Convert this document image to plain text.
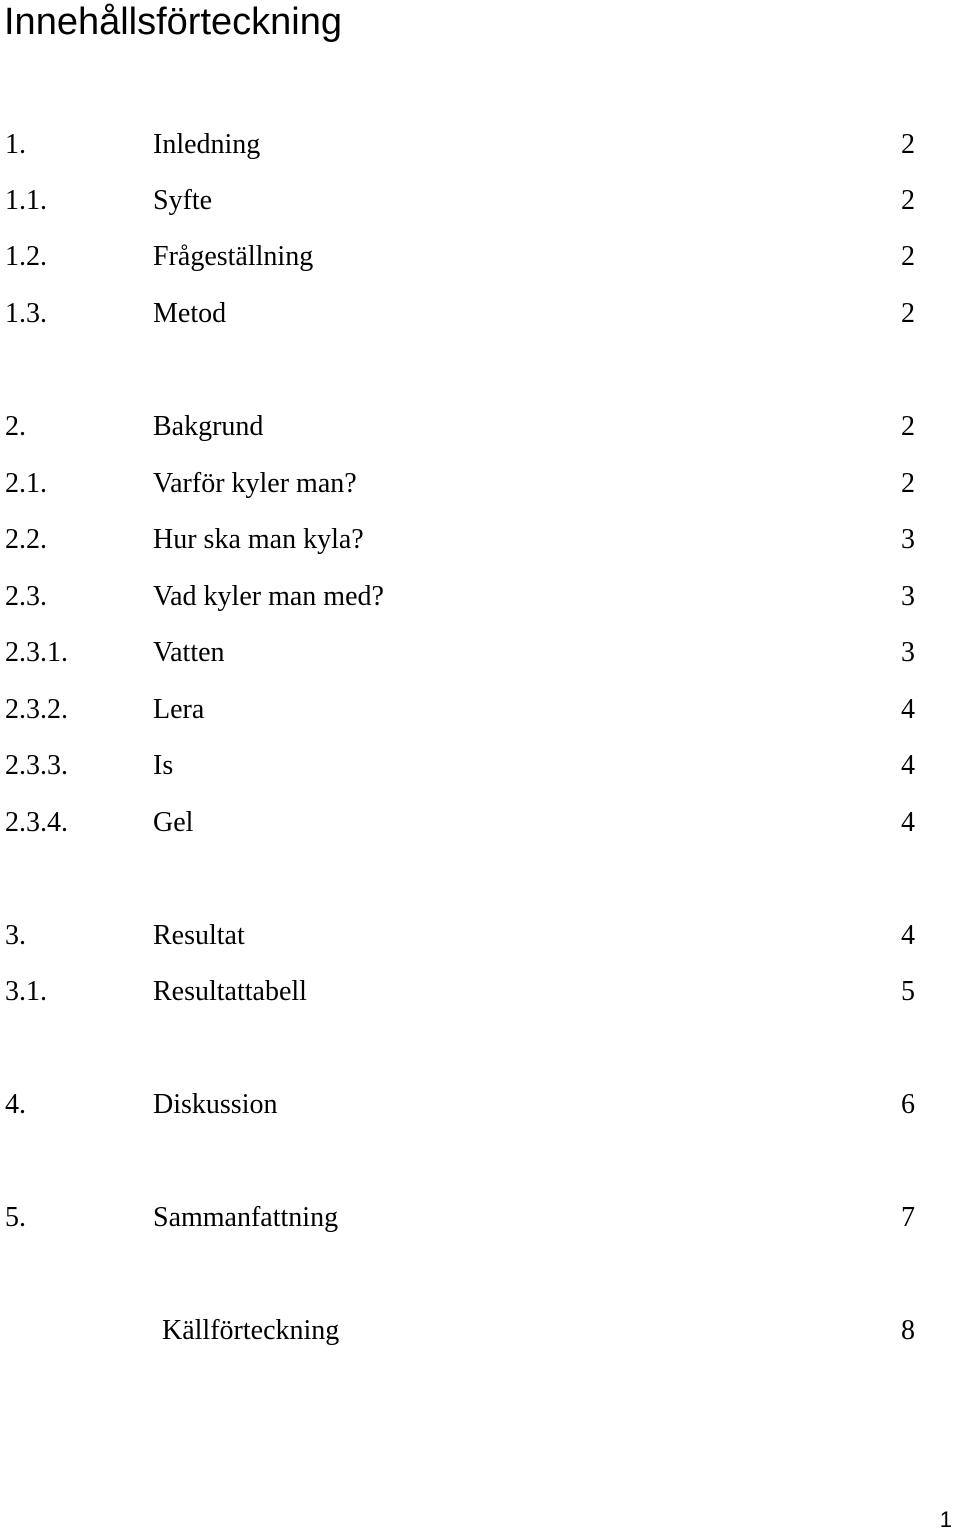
Innehållsförteckning
1.	Inledning	2
1.1.	Syfte	2
1.2.	Frågeställning	2
1.3.	Metod	2
2.	Bakgrund	2
2.1.	Varför kyler man?	2
2.2.	Hur ska man kyla?	3
2.3.	Vad kyler man med?	3
2.3.1.	Vatten	3
2.3.2.	Lera	4
2.3.3.	Is	4
2.3.4.	Gel	4
3.	Resultat	4
3.1.	Resultattabell	5
4.	Diskussion	6
5.	Sammanfattning	7
Källförteckning	8
1
